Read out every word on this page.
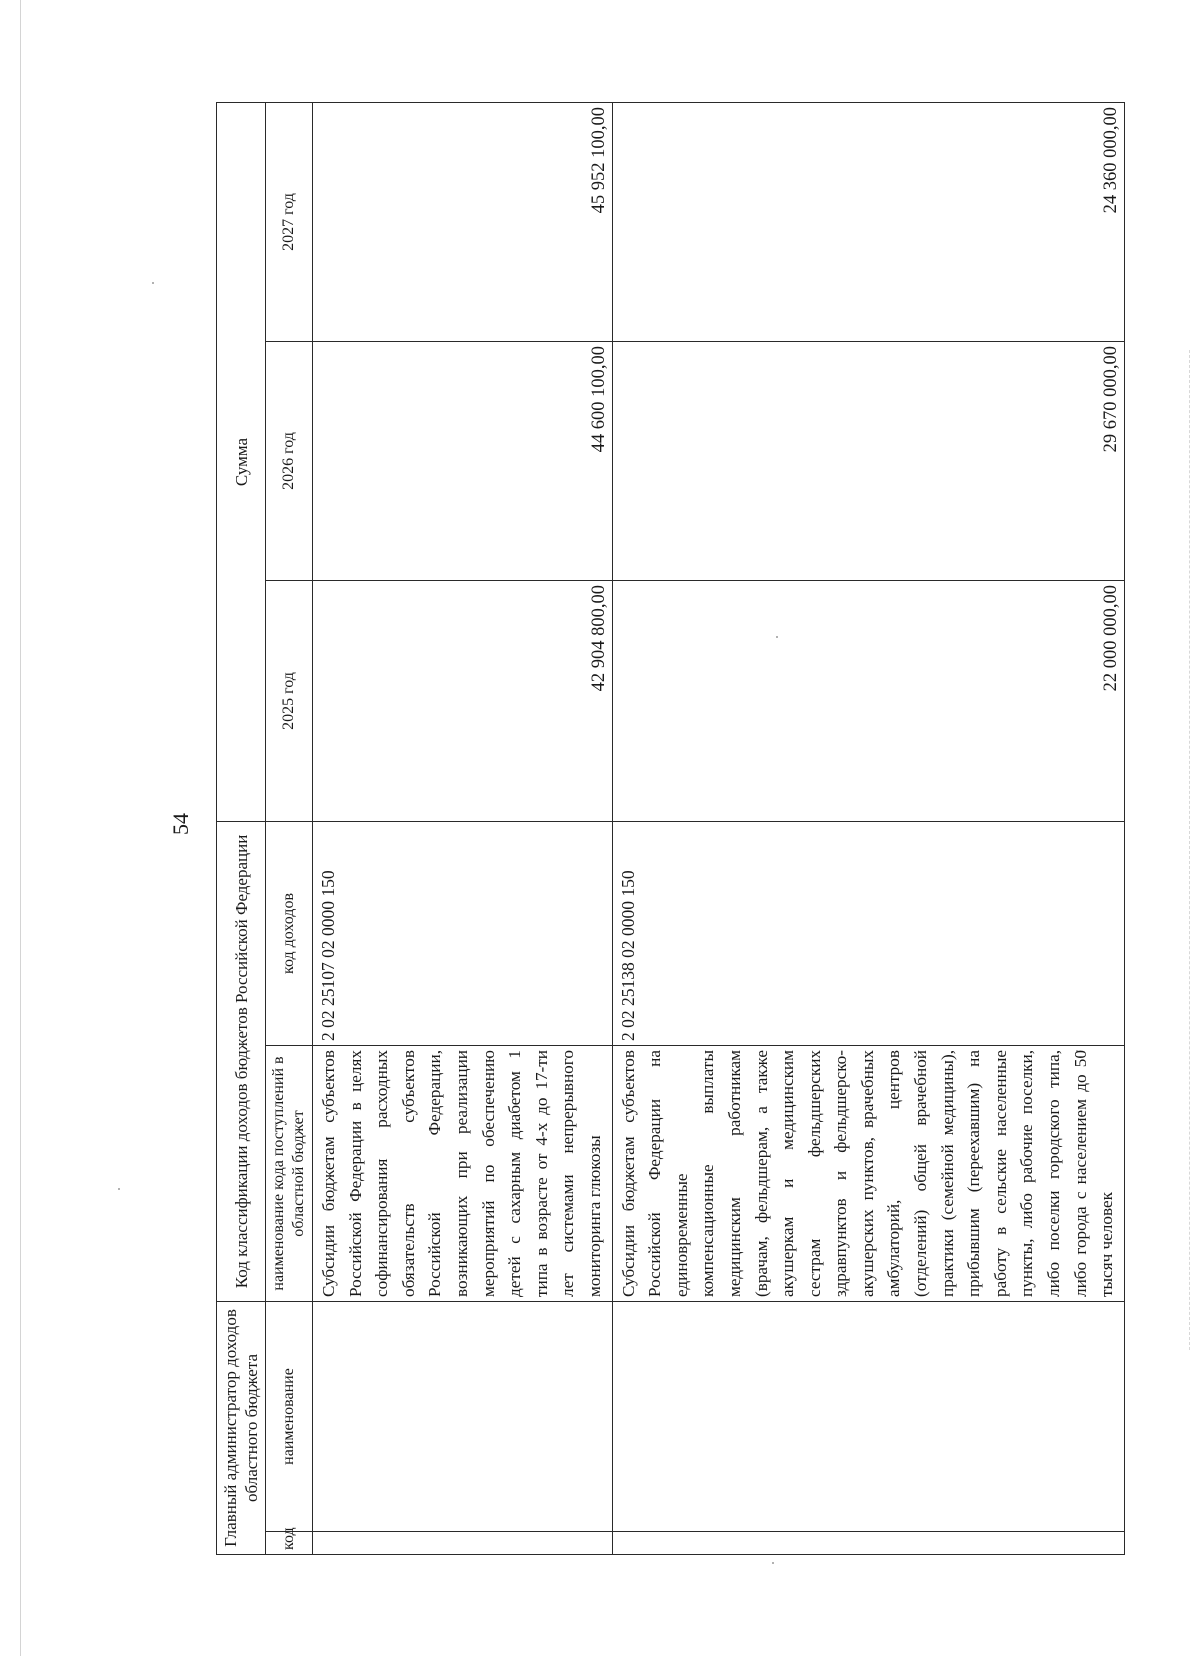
54
Главный администратор доходов областного бюджета		Код классификации доходов бюджетов Российской Федерации		Сумма		
код	наименование	наименование кода поступлений в областной бюджет	код доходов	2025 год	2026 год	2027 год
		Субсидии бюджетам субъектов Российской Федерации в целях софинансирования расходных обязательств субъектов Российской Федерации, возникающих при реализации мероприятий по обеспечению детей с сахарным диабетом 1 типа в возрасте от 4-х до 17-ти лет системами непрерывного мониторинга глюкозы	2 02 25107 02 0000 150	42 904 800,00	44 600 100,00	45 952 100,00
		Субсидии бюджетам субъектов Российской Федерации на единовременные компенсационные выплаты медицинским работникам (врачам, фельдшерам, а также акушеркам и медицинским сестрам фельдшерских здравпунктов и фельдшерско-акушерских пунктов, врачебных амбулаторий, центров (отделений) общей врачебной практики (семейной медицины), прибывшим (переехавшим) на работу в сельские населенные пункты, либо рабочие поселки, либо поселки городского типа, либо города с населением до 50 тысяч человек	2 02 25138 02 0000 150	22 000 000,00	29 670 000,00	24 360 000,00
